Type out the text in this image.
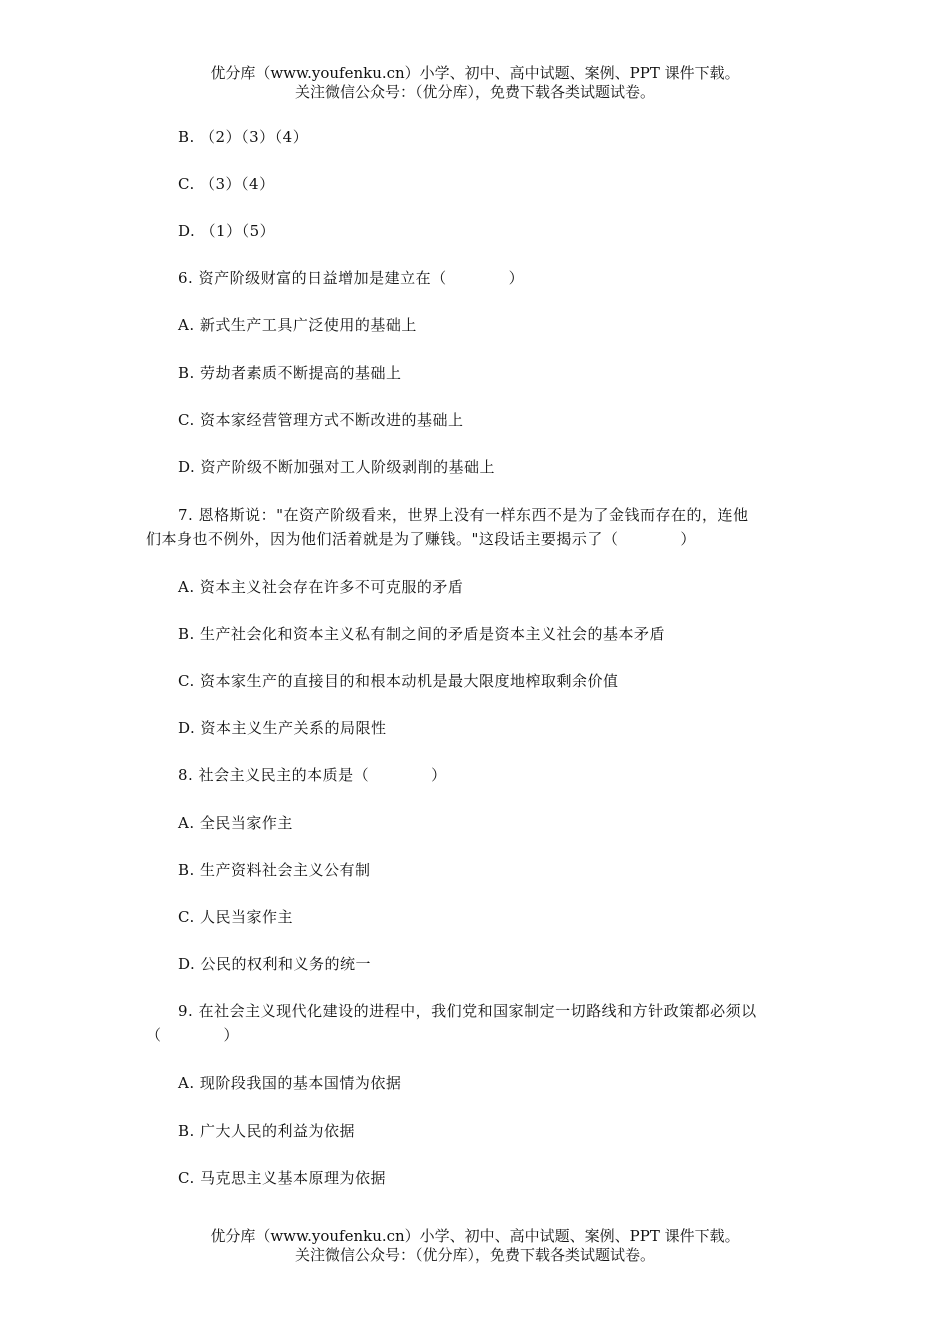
优分库（www.youfenku.cn）小学、初中、高中试题、案例、PPT 课件下载。
关注微信公众号：（优分库），免费下载各类试题试卷。
B. （2）（3）（4）
C. （3）（4）
D. （1）（5）
6. 资产阶级财富的日益增加是建立在（　　　　）
A. 新式生产工具广泛使用的基础上
B. 劳劫者素质不断提高的基础上
C. 资本家经营管理方式不断改进的基础上
D. 资产阶级不断加强对工人阶级剥削的基础上
7. 恩格斯说："在资产阶级看来，世界上没有一样东西不是为了金钱而存在的，连他
们本身也不例外，因为他们活着就是为了赚钱。"这段话主要揭示了（　　　　）
A. 资本主义社会存在许多不可克服的矛盾
B. 生产社会化和资本主义私有制之间的矛盾是资本主义社会的基本矛盾
C. 资本家生产的直接目的和根本动机是最大限度地榨取剩余价值
D. 资本主义生产关系的局限性
8. 社会主义民主的本质是（　　　　）
A. 全民当家作主
B. 生产资料社会主义公有制
C. 人民当家作主
D. 公民的权利和义务的统一
9. 在社会主义现代化建设的进程中，我们党和国家制定一切路线和方针政策都必须以
（　　　　）
A. 现阶段我国的基本国情为依据
B. 广大人民的利益为依据
C. 马克思主义基本原理为依据
优分库（www.youfenku.cn）小学、初中、高中试题、案例、PPT 课件下载。
关注微信公众号：（优分库），免费下载各类试题试卷。
